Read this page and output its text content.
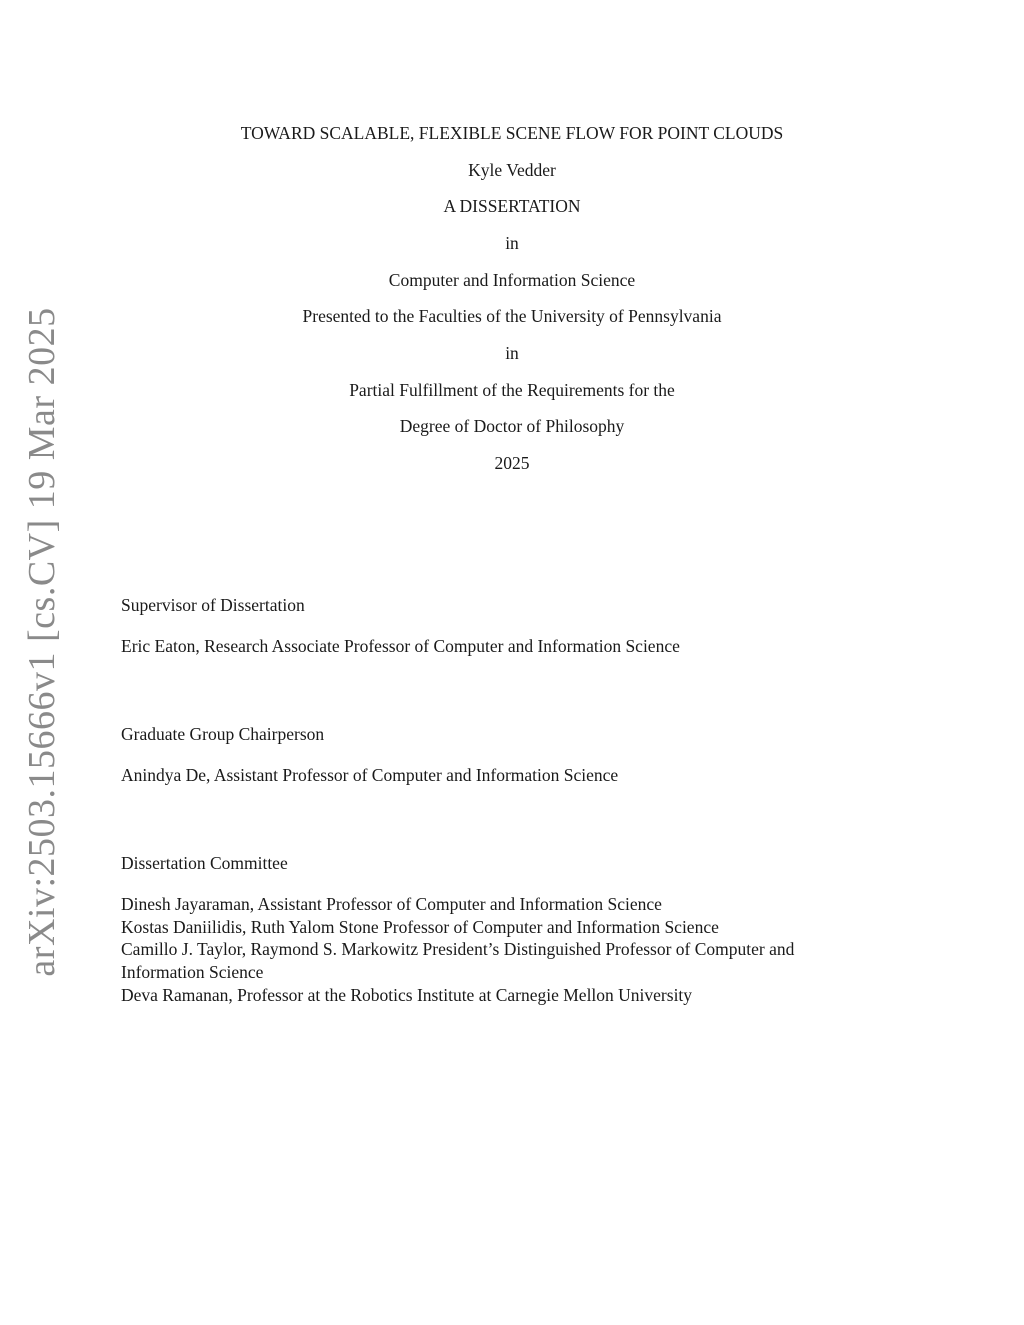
arXiv:2503.15666v1 [cs.CV] 19 Mar 2025
TOWARD SCALABLE, FLEXIBLE SCENE FLOW FOR POINT CLOUDS
Kyle Vedder
A DISSERTATION
in
Computer and Information Science
Presented to the Faculties of the University of Pennsylvania
in
Partial Fulfillment of the Requirements for the
Degree of Doctor of Philosophy
2025
Supervisor of Dissertation
Eric Eaton, Research Associate Professor of Computer and Information Science
Graduate Group Chairperson
Anindya De, Assistant Professor of Computer and Information Science
Dissertation Committee
Dinesh Jayaraman, Assistant Professor of Computer and Information Science
Kostas Daniilidis, Ruth Yalom Stone Professor of Computer and Information Science
Camillo J. Taylor, Raymond S. Markowitz President’s Distinguished Professor of Computer and
Information Science
Deva Ramanan, Professor at the Robotics Institute at Carnegie Mellon University
